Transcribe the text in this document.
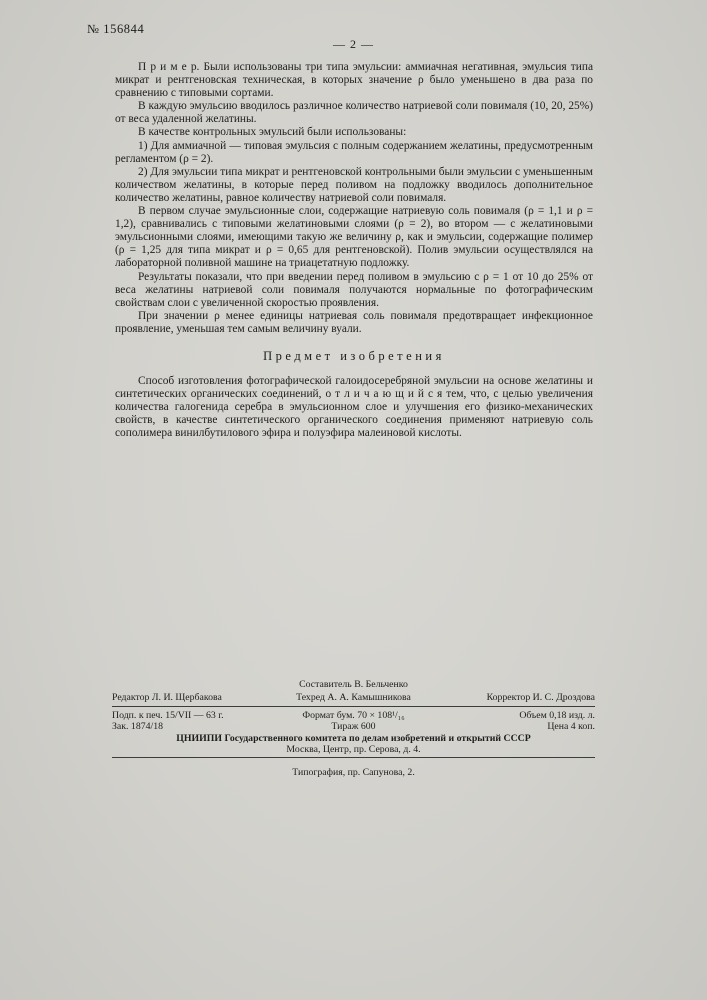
№ 156844
— 2 —

П р и м е р. Были использованы три типа эмульсии: аммиачная негативная, эмульсия типа микрат и рентгеновская техническая, в которых значение ρ было уменьшено в два раза по сравнению с типовыми сортами.

В каждую эмульсию вводилось различное количество натриевой соли повималя (10, 20, 25%) от веса удаленной желатины.

В качестве контрольных эмульсий были использованы:

1) Для аммиачной — типовая эмульсия с полным содержанием желатины, предусмотренным регламентом (ρ = 2).

2) Для эмульсии типа микрат и рентгеновской контрольными были эмульсии с уменьшенным количеством желатины, в которые перед поливом на подложку вводилось дополнительное количество желатины, равное количеству натриевой соли повималя.

В первом случае эмульсионные слои, содержащие натриевую соль повималя (ρ = 1,1 и ρ = 1,2), сравнивались с типовыми желатиновыми слоями (ρ = 2), во втором — с желатиновыми эмульсионными слоями, имеющими такую же величину ρ, как и эмульсии, содержащие полимер (ρ = 1,25 для типа микрат и ρ = 0,65 для рентгеновской). Полив эмульсии осуществлялся на лабораторной поливной машине на триацетатную подложку.

Результаты показали, что при введении перед поливом в эмульсию с ρ = 1 от 10 до 25% от веса желатины натриевой соли повималя получаются нормальные по фотографическим свойствам слои с увеличенной скоростью проявления.

При значении ρ менее единицы натриевая соль повималя предотвращает инфекционное проявление, уменьшая тем самым величину вуали.

Предмет изобретения

Способ изготовления фотографической галоидосеребряной эмульсии на основе желатины и синтетических органических соединений, о т л и ч а ю щ и й с я тем, что, с целью увеличения количества галогенида серебра в эмульсионном слое и улучшения его физико-механических свойств, в качестве синтетического органического соединения применяют натриевую соль сополимера винилбутилового эфира и полуэфира малеиновой кислоты.

Составитель В. Бельченко
Редактор Л. И. Щербакова	Техред А. А. Камышникова	Корректор И. С. Дроздова
Подп. к печ. 15/VII — 63 г.	Формат бум. 70 × 108¹/₁₆	Объем 0,18 изд. л.
Зак. 1874/18	Тираж 600	Цена 4 коп.
ЦНИИПИ Государственного комитета по делам изобретений и открытий СССР
Москва, Центр, пр. Серова, д. 4.
Типография, пр. Сапунова, 2.
